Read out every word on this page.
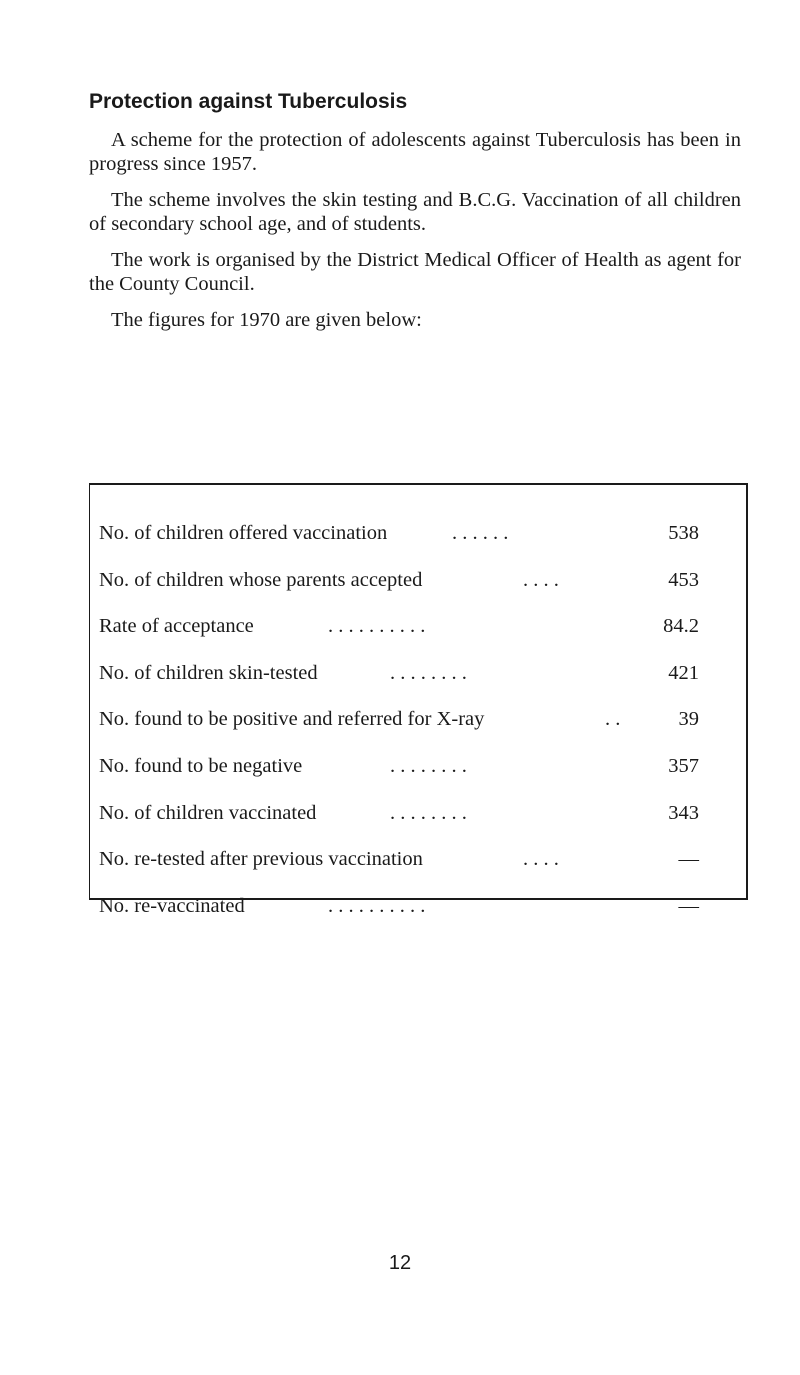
Protection against Tuberculosis

A scheme for the protection of adolescents against Tuberculosis has been in progress since 1957.

The scheme involves the skin testing and B.C.G. Vaccination of all children of secondary school age, and of students.

The work is organised by the District Medical Officer of Health as agent for the County Council.

The figures for 1970 are given below:

No. of children offered vaccination	. . . . . .	538
No. of children whose parents accepted	. . . .	453
Rate of acceptance	. . . . . . . . . .	84.2
No. of children skin-tested	. . . . . . . .	421
No. found to be positive and referred for X-ray	. .	39
No. found to be negative	. . . . . . . .	357
No. of children vaccinated	. . . . . . . .	343
No. re-tested after previous vaccination	. . . .	—
No. re-vaccinated	. . . . . . . . . .	—
12
